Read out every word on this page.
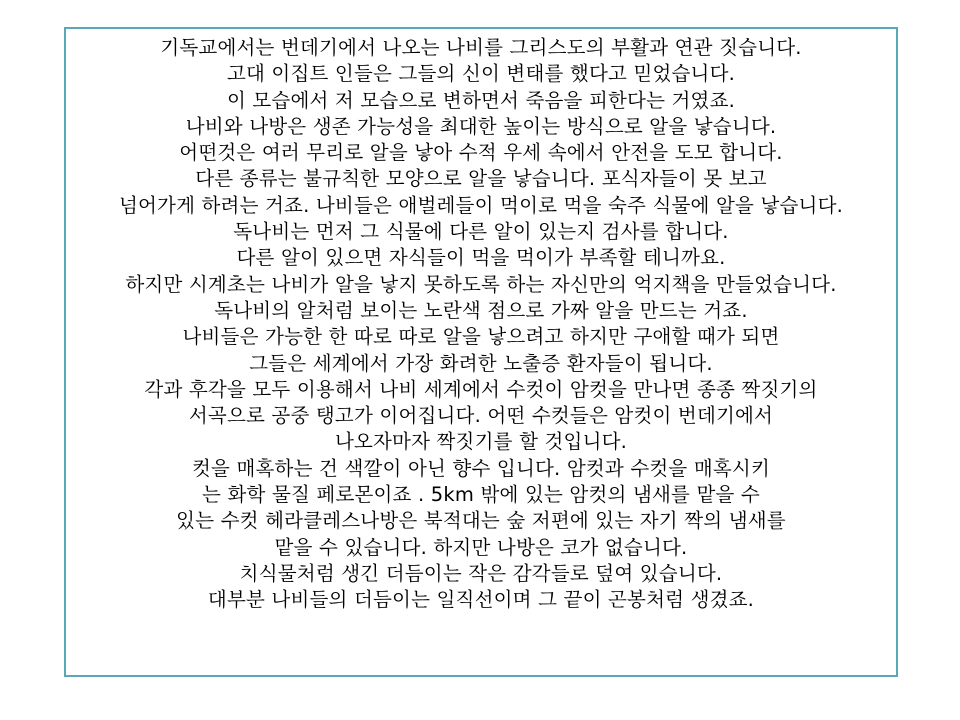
기독교에서는 번데기에서 나오는 나비를 그리스도의 부활과 연관 짓습니다.
고대 이집트 인들은 그들의 신이 변태를 했다고 믿었습니다.
이 모습에서 저 모습으로 변하면서 죽음을 피한다는 거였죠.
나비와 나방은 생존 가능성을 최대한 높이는 방식으로 알을 낳습니다.
어떤것은 여러 무리로 알을 낳아 수적 우세 속에서 안전을 도모 합니다.
다른 종류는 불규칙한 모양으로 알을 낳습니다. 포식자들이 못 보고
넘어가게 하려는 거죠. 나비들은 애벌레들이 먹이로 먹을 숙주 식물에 알을 낳습니다.
독나비는 먼저 그 식물에 다른 알이 있는지 검사를 합니다.
다른 알이 있으면 자식들이 먹을 먹이가 부족할 테니까요.
하지만 시계초는 나비가 알을 낳지 못하도록 하는 자신만의 억지책을 만들었습니다.
독나비의 알처럼 보이는 노란색 점으로 가짜 알을 만드는 거죠.
나비들은 가능한 한 따로 따로 알을 낳으려고 하지만 구애할 때가 되면
그들은 세계에서 가장 화려한 노출증 환자들이 됩니다.
각과 후각을 모두 이용해서 나비 세계에서 수컷이 암컷을 만나면 종종 짝짓기의
서곡으로 공중 탱고가 이어집니다. 어떤 수컷들은 암컷이 번데기에서
나오자마자 짝짓기를 할 것입니다.
컷을 매혹하는 건 색깔이 아닌 향수 입니다. 암컷과 수컷을 매혹시키
는 화학 물질 페로몬이죠 . 5km 밖에 있는 암컷의 냄새를 맡을 수
있는 수컷 헤라클레스나방은 북적대는 숲 저편에 있는 자기 짝의 냄새를
맡을 수 있습니다. 하지만 나방은 코가 없습니다.
치식물처럼 생긴 더듬이는 작은 감각들로 덮여 있습니다.
대부분 나비들의 더듬이는 일직선이며 그 끝이 곤봉처럼 생겼죠.
